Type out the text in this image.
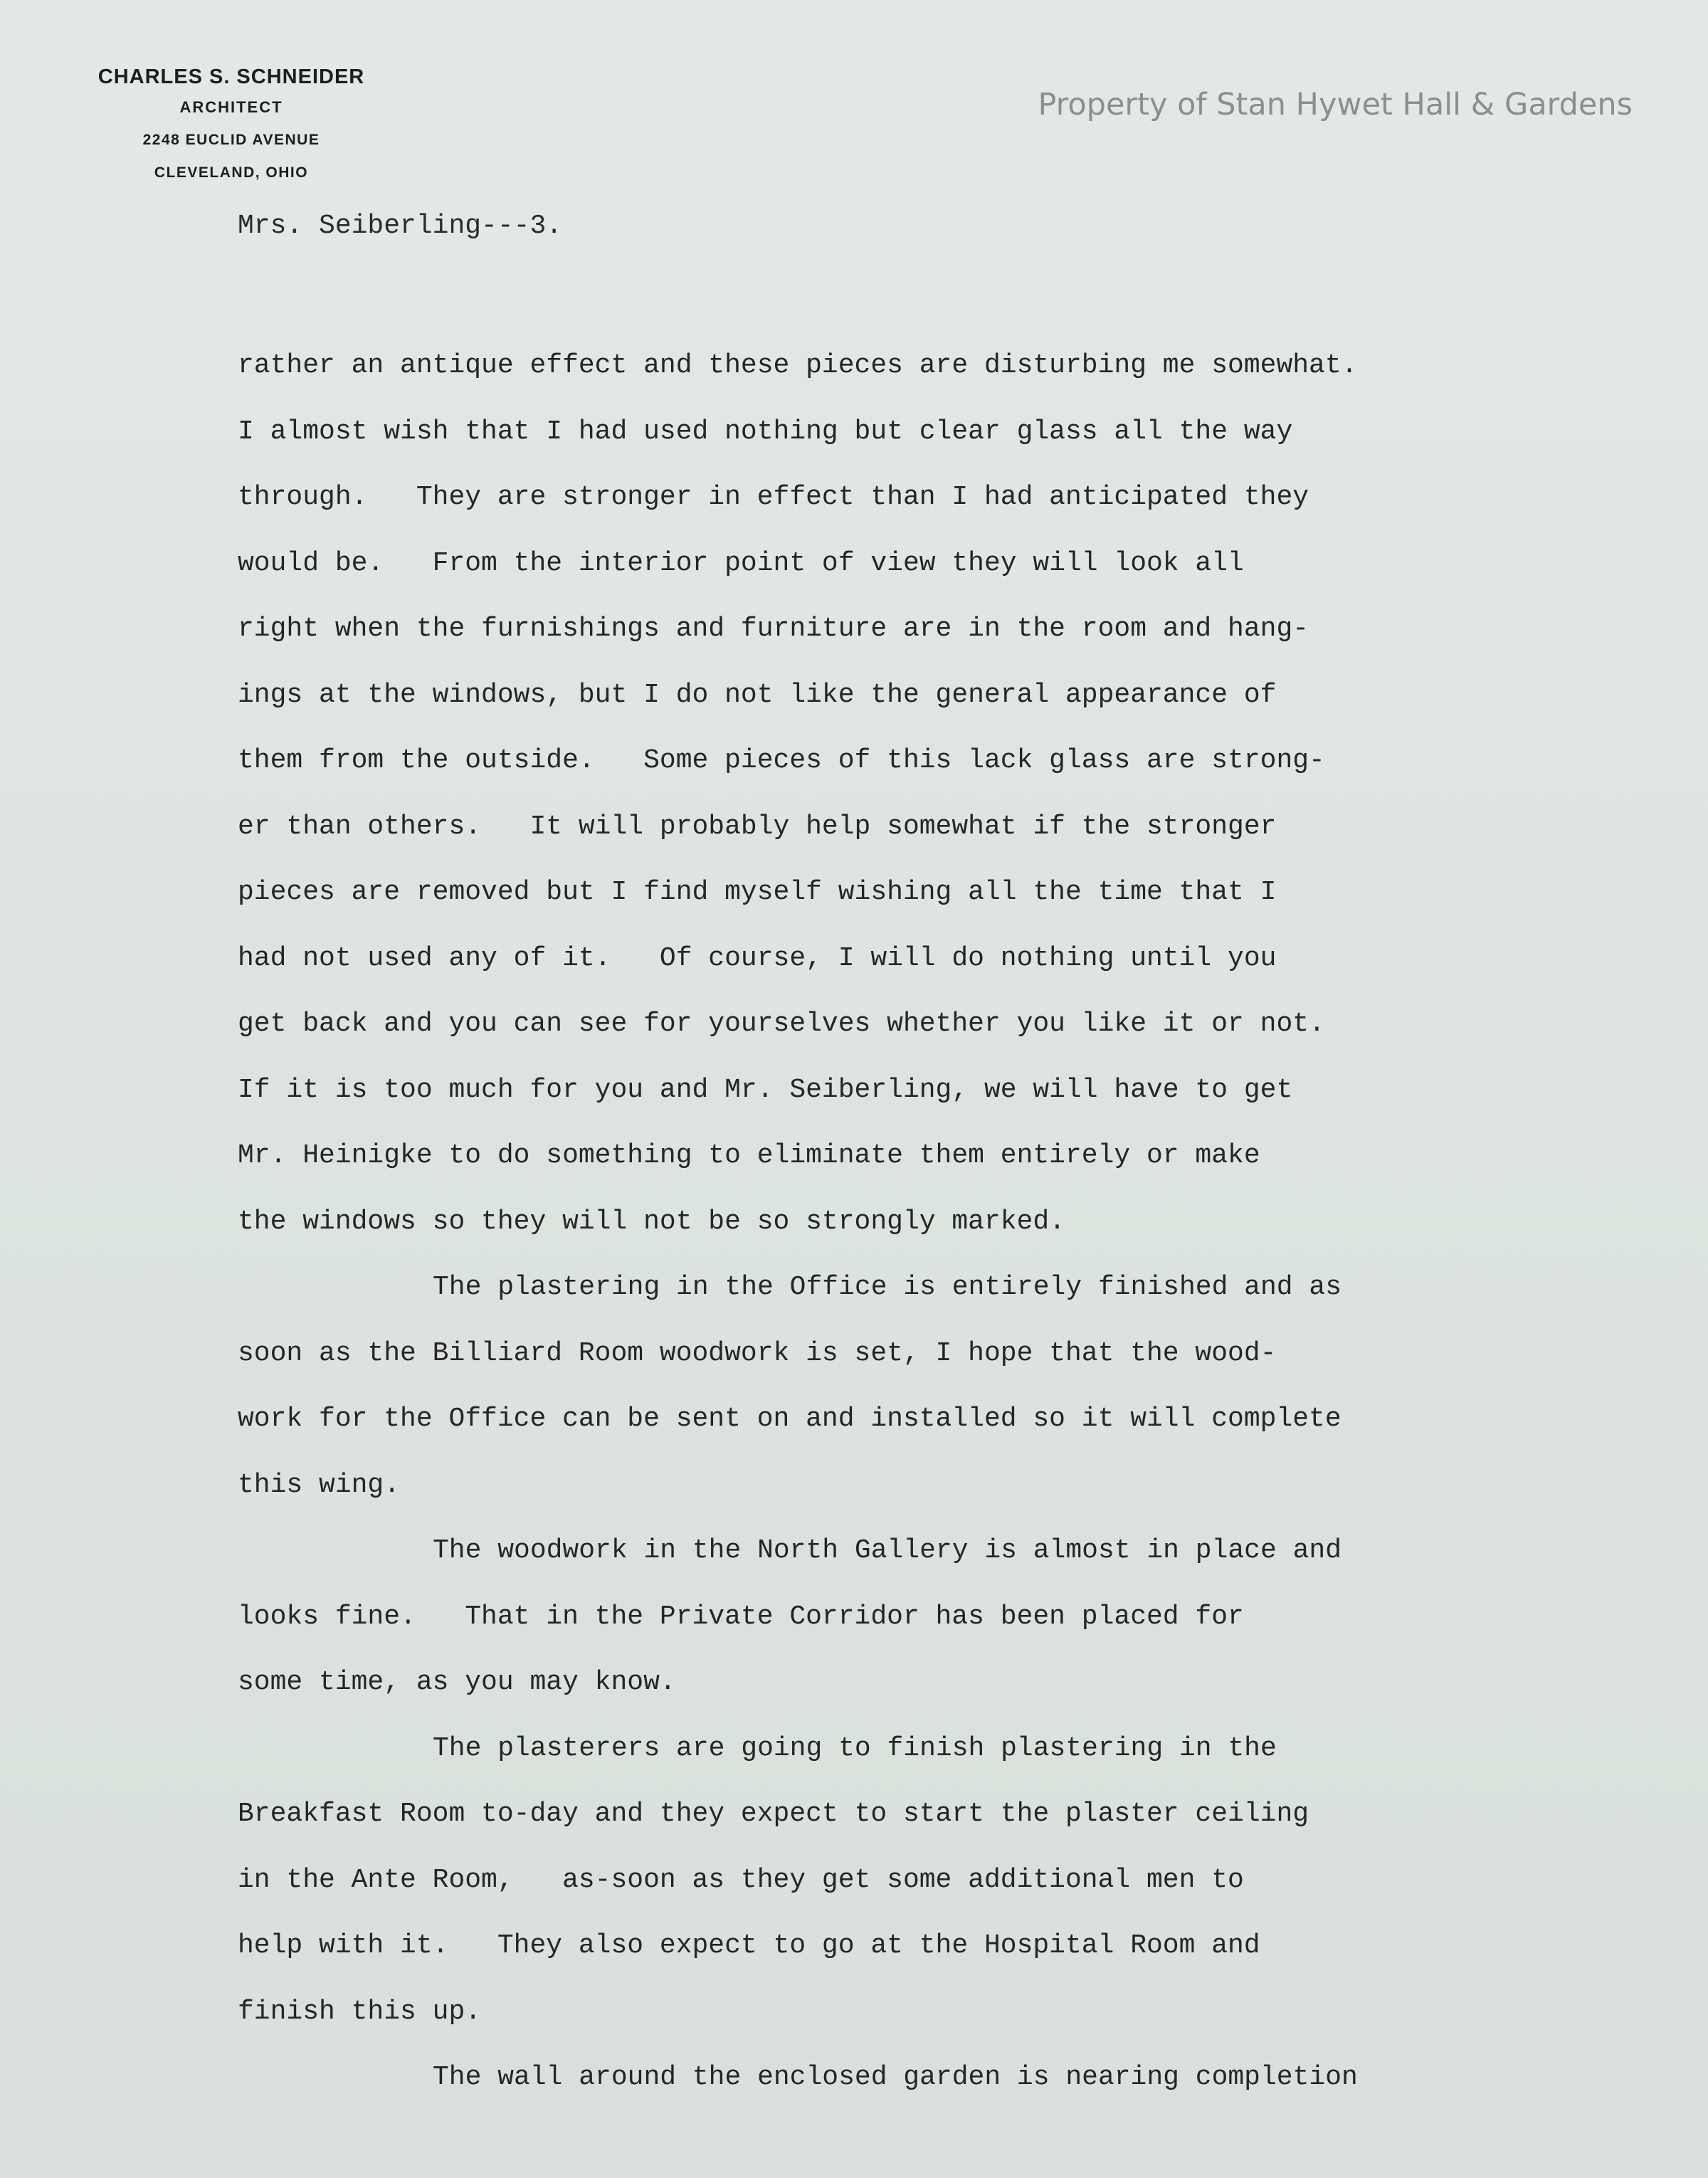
CHARLES S. SCHNEIDER
ARCHITECT
2248 EUCLID AVENUE
CLEVELAND, OHIO
Property of Stan Hywet Hall & Gardens
Mrs. Seiberling---3.
rather an antique effect and these pieces are disturbing me somewhat.
I almost wish that I had used nothing but clear glass all the way
through.   They are stronger in effect than I had anticipated they
would be.   From the interior point of view they will look all
right when the furnishings and furniture are in the room and hang-
ings at the windows, but I do not like the general appearance of
them from the outside.   Some pieces of this lack glass are strong-
er than others.   It will probably help somewhat if the stronger
pieces are removed but I find myself wishing all the time that I
had not used any of it.   Of course, I will do nothing until you
get back and you can see for yourselves whether you like it or not.
If it is too much for you and Mr. Seiberling, we will have to get
Mr. Heinigke to do something to eliminate them entirely or make
the windows so they will not be so strongly marked.
The plastering in the Office is entirely finished and as
soon as the Billiard Room woodwork is set, I hope that the wood-
work for the Office can be sent on and installed so it will complete
this wing.
The woodwork in the North Gallery is almost in place and
looks fine.   That in the Private Corridor has been placed for
some time, as you may know.
The plasterers are going to finish plastering in the
Breakfast Room to-day and they expect to start the plaster ceiling
in the Ante Room,   as-soon as they get some additional men to
help with it.   They also expect to go at the Hospital Room and
finish this up.
The wall around the enclosed garden is nearing completion
